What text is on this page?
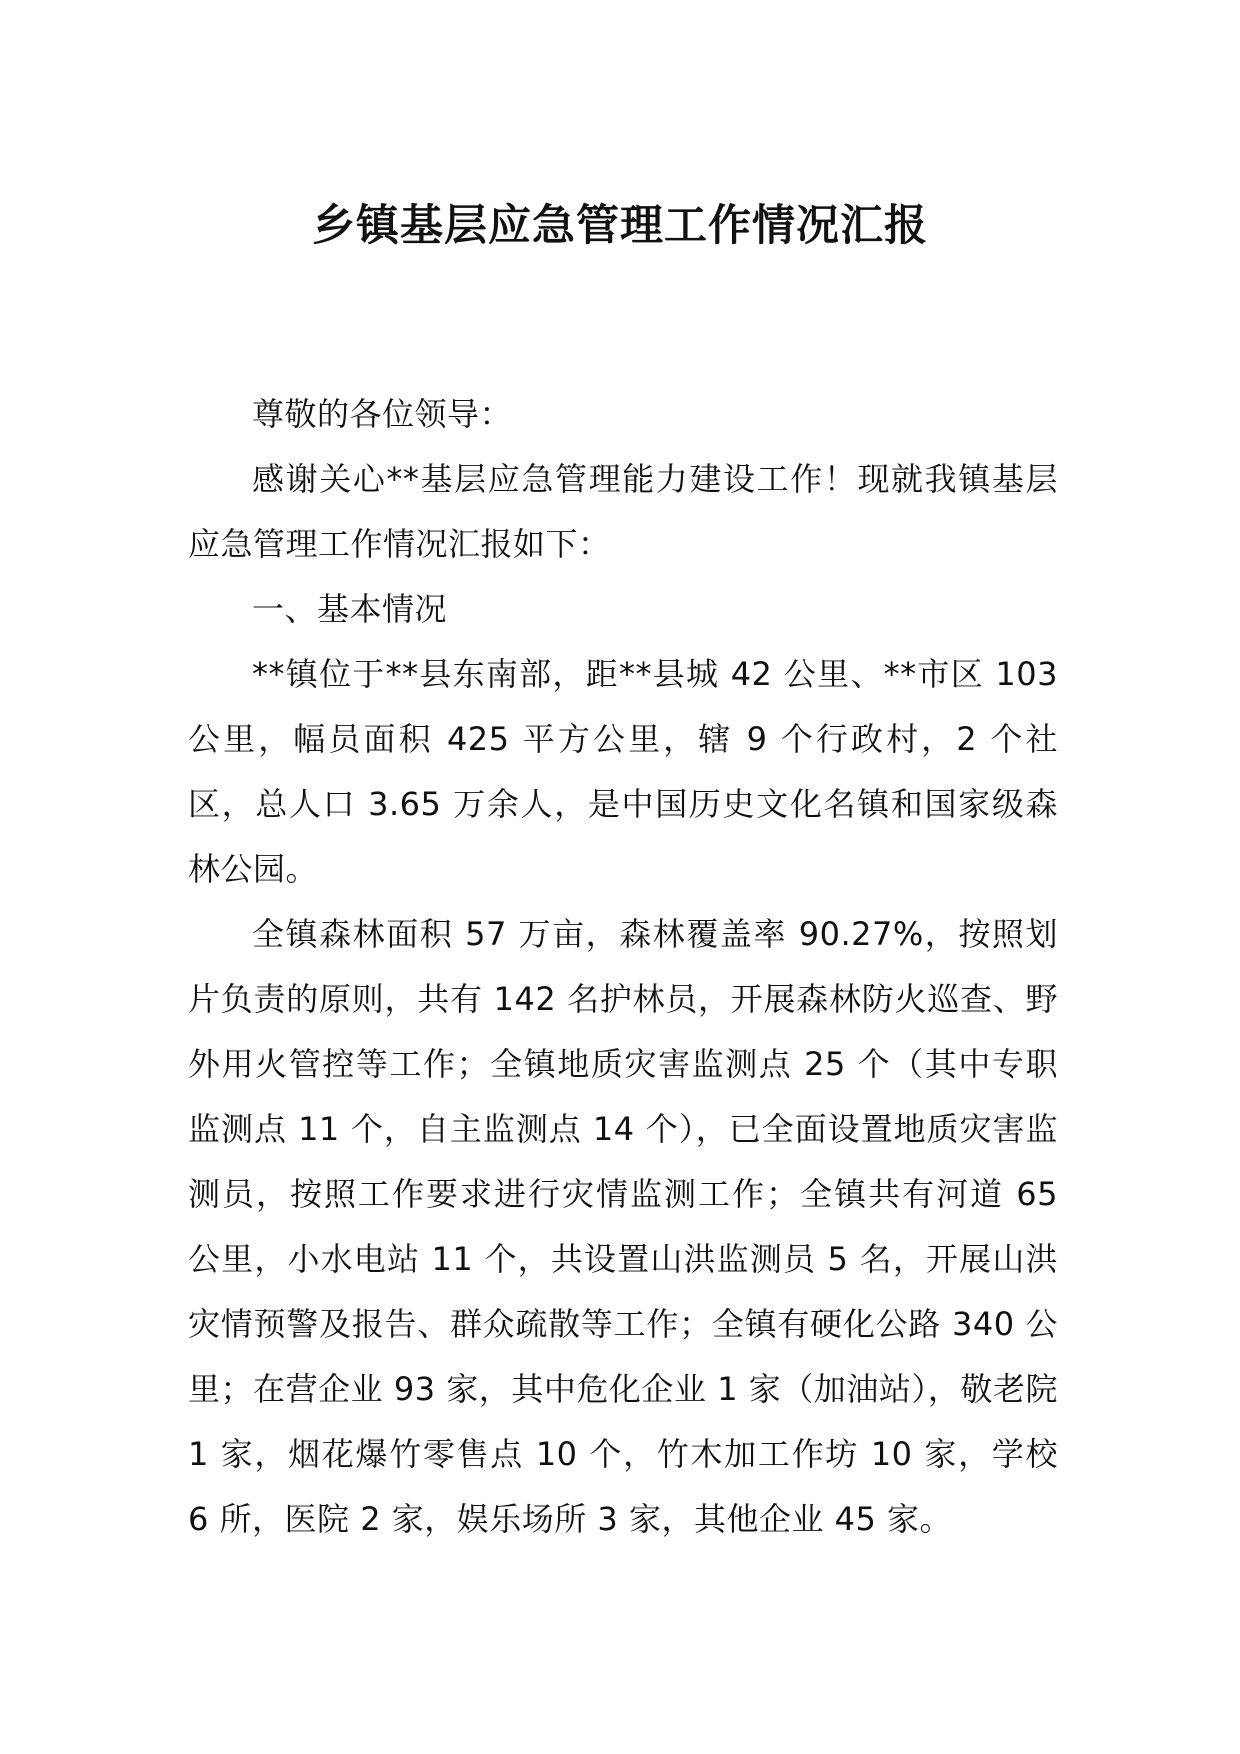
乡镇基层应急管理工作情况汇报

尊敬的各位领导：

感谢关心**基层应急管理能力建设工作！现就我镇基层应急管理工作情况汇报如下：

一、基本情况

**镇位于**县东南部，距**县城 42 公里、**市区 103 公里，幅员面积 425 平方公里，辖 9 个行政村，2 个社区，总人口 3.65 万余人，是中国历史文化名镇和国家级森林公园。

全镇森林面积 57 万亩，森林覆盖率 90.27%，按照划片负责的原则，共有 142 名护林员，开展森林防火巡查、野外用火管控等工作；全镇地质灾害监测点 25 个（其中专职监测点 11 个，自主监测点 14 个），已全面设置地质灾害监测员，按照工作要求进行灾情监测工作；全镇共有河道 65 公里，小水电站 11 个，共设置山洪监测员 5 名，开展山洪灾情预警及报告、群众疏散等工作；全镇有硬化公路 340 公里；在营企业 93 家，其中危化企业 1 家（加油站），敬老院 1 家，烟花爆竹零售点 10 个，竹木加工作坊 10 家，学校 6 所，医院 2 家，娱乐场所 3 家，其他企业 45 家。
